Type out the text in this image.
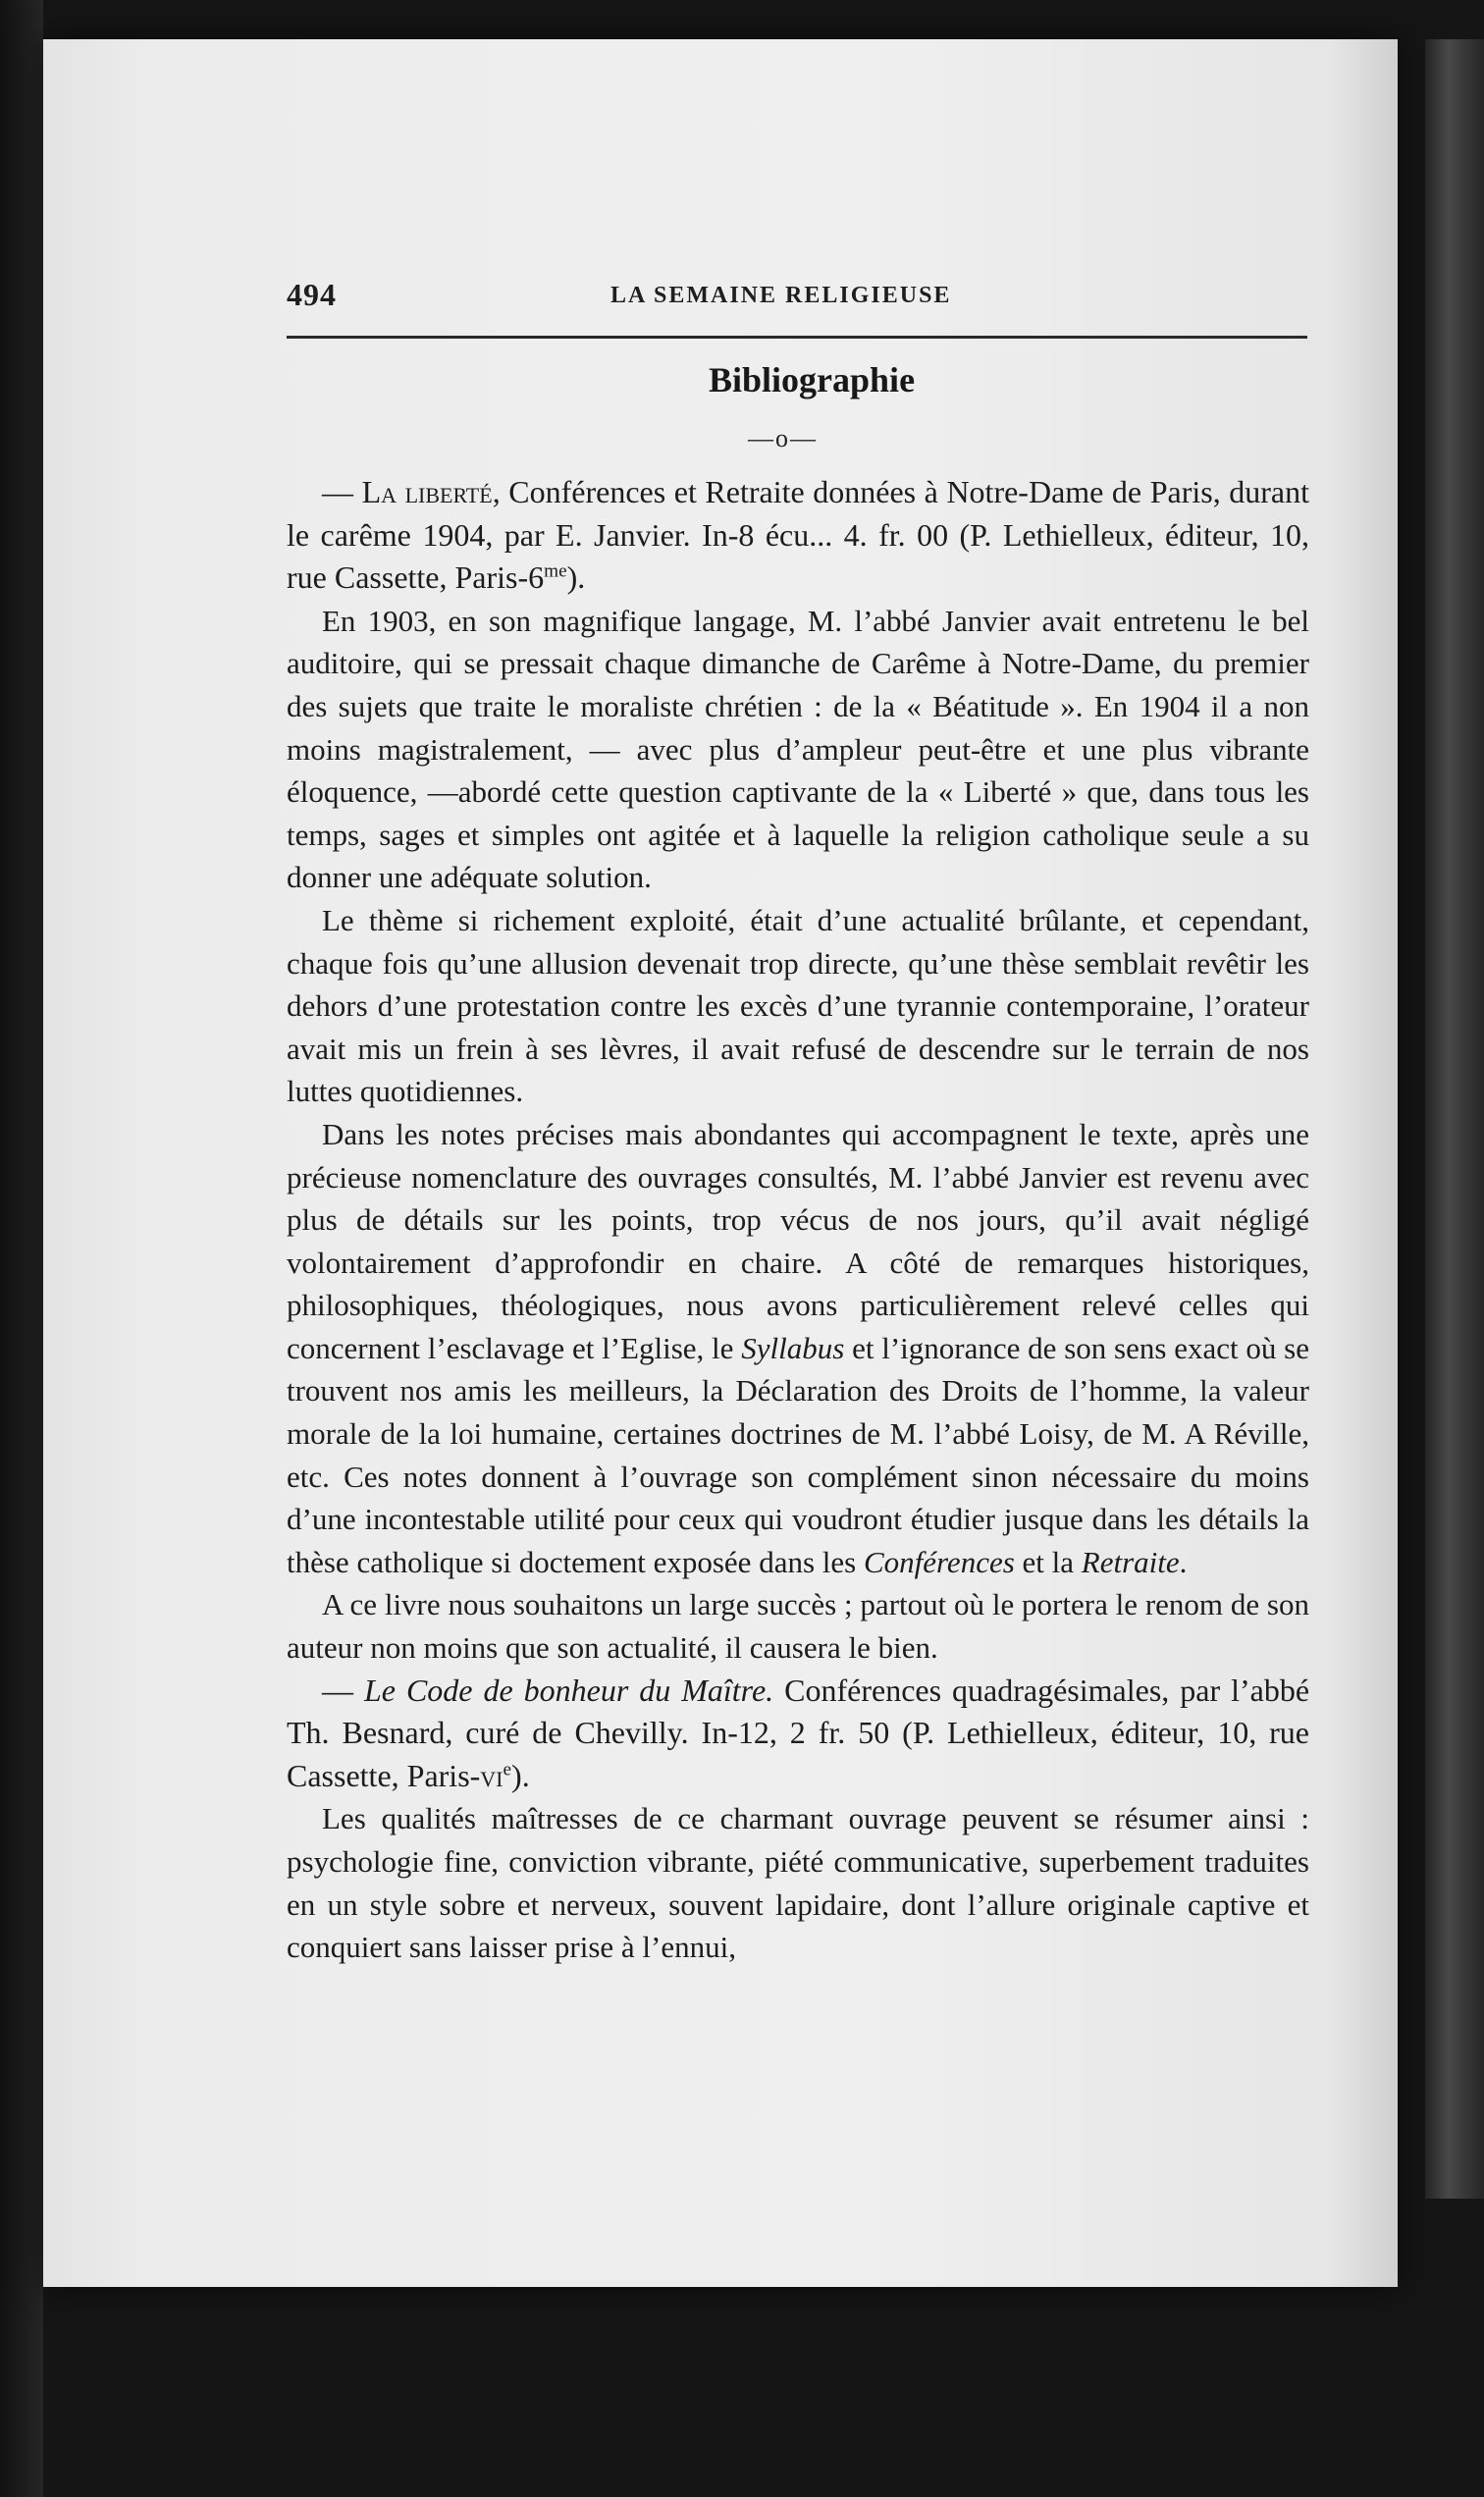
494	LA SEMAINE RELIGIEUSE
Bibliographie
—o—

— La liberté, Conférences et Retraite données à Notre-Dame de Paris, durant le carême 1904, par E. Janvier. In-8 écu... 4. fr. 00 (P. Lethielleux, éditeur, 10, rue Cassette, Paris-$6^{me}$).

En 1903, en son magnifique langage, M. l’abbé Janvier avait entretenu le bel auditoire, qui se pressait chaque dimanche de Carême à Notre-Dame, du premier des sujets que traite le moraliste chrétien : de la « Béatitude ». En 1904 il a non moins magistralement, — avec plus d’ampleur peut-être et une plus vibrante éloquence, —abordé cette question captivante de la « Liberté » que, dans tous les temps, sages et simples ont agitée et à laquelle la religion catholique seule a su donner une adéquate solution.

Le thème si richement exploité, était d’une actualité brûlante, et cependant, chaque fois qu’une allusion devenait trop directe, qu’une thèse semblait revêtir les dehors d’une protestation contre les excès d’une tyrannie contemporaine, l’orateur avait mis un frein à ses lèvres, il avait refusé de descendre sur le terrain de nos luttes quotidiennes.

Dans les notes précises mais abondantes qui accompagnent le texte, après une précieuse nomenclature des ouvrages consultés, M. l’abbé Janvier est revenu avec plus de détails sur les points, trop vécus de nos jours, qu’il avait négligé volontairement d’approfondir en chaire. A côté de remarques historiques, philosophiques, théologiques, nous avons particulièrement relevé celles qui concernent l’esclavage et l’Eglise, le Syllabus et l’ignorance de son sens exact où se trouvent nos amis les meilleurs, la Déclaration des Droits de l’homme, la valeur morale de la loi humaine, certaines doctrines de M. l’abbé Loisy, de M. A Réville, etc. Ces notes donnent à l’ouvrage son complément sinon nécessaire du moins d’une incontestable utilité pour ceux qui voudront étudier jusque dans les détails la thèse catholique si doctement exposée dans les Conférences et la Retraite.

A ce livre nous souhaitons un large succès ; partout où le portera le renom de son auteur non moins que son actualité, il causera le bien.

— Le Code de bonheur du Maître. Conférences quadragésimales, par l’abbé Th. Besnard, curé de Chevilly. In-12, 2 fr. 50 (P. Lethielleux, éditeur, 10, rue Cassette, Paris-$vi^e$).

Les qualités maîtresses de ce charmant ouvrage peuvent se résumer ainsi : psychologie fine, conviction vibrante, piété communicative, superbement traduites en un style sobre et nerveux, souvent lapidaire, dont l’allure originale captive et conquiert sans laisser prise à l’ennui,
